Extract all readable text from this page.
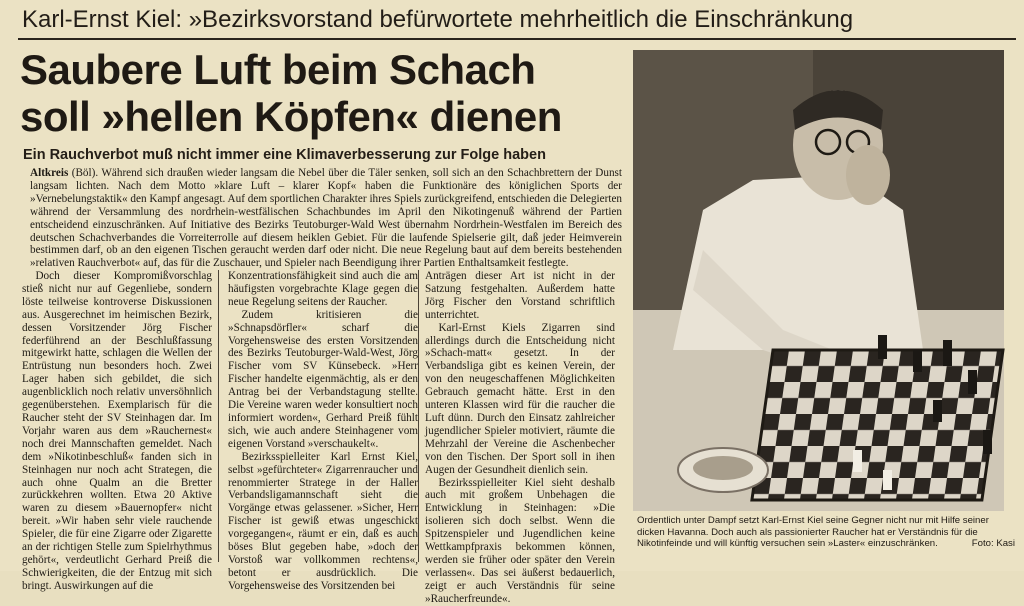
Karl-Ernst Kiel: »Bezirksvorstand befürwortete mehrheitlich die Einschränkung
Saubere Luft beim Schach
soll »hellen Köpfen« dienen
Ein Rauchverbot muß nicht immer eine Klimaverbesserung zur Folge haben
Altkreis (Böl). Während sich draußen wieder langsam die Nebel über die Täler senken, soll sich an den Schachbrettern der Dunst langsam lichten. Nach dem Motto »klare Luft – klarer Kopf« haben die Funktionäre des königlichen Sports der »Vernebelungstaktik« den Kampf angesagt. Auf dem sportlichen Charakter ihres Spiels zurückgreifend, entschieden die Delegierten während der Versammlung des nordrhein-westfälischen Schachbundes im April den Nikotingenuß während der Partien entscheidend einzuschränken. Auf Initiative des Bezirks Teutoburger-Wald West übernahm Nordrhein-Westfalen im Bereich des deutschen Schachverbandes die Vorreiterrolle auf diesem heiklen Gebiet. Für die laufende Spielserie gilt, daß jeder Heimverein bestimmen darf, ob an den eigenen Tischen geraucht werden darf oder nicht. Die neue Regelung baut auf dem bereits bestehenden »relativen Rauchverbot« auf, das für die Zuschauer, und Spieler nach Beendigung ihrer Partien Enthaltsamkeit festlegte.

Doch dieser Kompromißvorschlag stieß nicht nur auf Gegenliebe, sondern löste teilweise kontroverse Diskussionen aus. Ausgerechnet im heimischen Bezirk, dessen Vorsitzender Jörg Fischer federführend an der Beschlußfassung mitgewirkt hatte, schlagen die Wellen der Entrüstung nun besonders hoch. Zwei Lager haben sich gebildet, die sich augenblicklich noch relativ unversöhnlich gegenüberstehen. Exemplarisch für die Raucher steht der SV Steinhagen dar. Im Vorjahr waren aus dem »Rauchernest« noch drei Mannschaften gemeldet. Nach dem »Nikotinbeschluß« fanden sich in Steinhagen nur noch acht Strategen, die auch ohne Qualm an die Bretter zurückkehren wollten. Etwa 20 Aktive waren zu diesem »Bauernopfer« nicht bereit. »Wir haben sehr viele rauchende Spieler, die für eine Zigarre oder Zigarette an der richtigen Stelle zum Spielrhythmus gehört«, verdeutlicht Gerhard Preiß die Schwierigkeiten, die der Entzug mit sich bringt. Auswirkungen auf die

Konzentrationsfähigkeit sind auch die am häufigsten vorgebrachte Klage gegen die neue Regelung seitens der Raucher.

Zudem kritisieren die »Schnapsdörfler« scharf die Vorgehensweise des ersten Vorsitzenden des Bezirks Teutoburger-Wald-West, Jörg Fischer vom SV Künsebeck. »Herr Fischer handelte eigenmächtig, als er den Antrag bei der Verbandstagung stellte. Die Vereine waren weder konsultiert noch informiert worden«, Gerhard Preiß fühlt sich, wie auch andere Steinhagener vom eigenen Vorstand »verschaukelt«.

Bezirksspielleiter Karl Ernst Kiel, selbst »gefürchteter« Zigarrenraucher und renommierter Stratege in der Haller Verbandsligamannschaft sieht die Vorgänge etwas gelassener. »Sicher, Herr Fischer ist gewiß etwas ungeschickt vorgegangen«, räumt er ein, daß es auch böses Blut gegeben habe, »doch der Vorstoß war vollkommen rechtens«, betont er ausdrücklich. Die Vorgehensweise des Vorsitzenden bei

Anträgen dieser Art ist nicht in der Satzung festgehalten. Außerdem hatte Jörg Fischer den Vorstand schriftlich unterrichtet.

Karl-Ernst Kiels Zigarren sind allerdings durch die Entscheidung nicht »Schach-matt« gesetzt. In der Verbandsliga gibt es keinen Verein, der von den neugeschaffenen Möglichkeiten Gebrauch gemacht hätte. Erst in den unteren Klassen wird für die raucher die Luft dünn. Durch den Einsatz zahlreicher jugendlicher Spieler motiviert, räumte die Mehrzahl der Vereine die Aschenbecher von den Tischen. Der Sport soll in ihen Augen der Gesundheit dienlich sein.

Bezirksspielleiter Kiel sieht deshalb auch mit großem Unbehagen die Entwicklung in Steinhagen: »Die isolieren sich doch selbst. Wenn die Spitzenspieler und Jugendlichen keine Wettkampfpraxis bekommen können, werden sie früher oder später den Verein verlassen«. Das sei äußerst bedauerlich, zeigt er auch Verständnis für seine »Raucherfreunde«.

Ordentlich unter Dampf setzt Karl-Ernst Kiel seine Gegner nicht nur mit Hilfe seiner dicken Havanna. Doch auch als passionierter Raucher hat er Verständnis für die Nikotinfeinde und will künftig versuchen sein »Laster« einzuschränken.	Foto: Kasi
